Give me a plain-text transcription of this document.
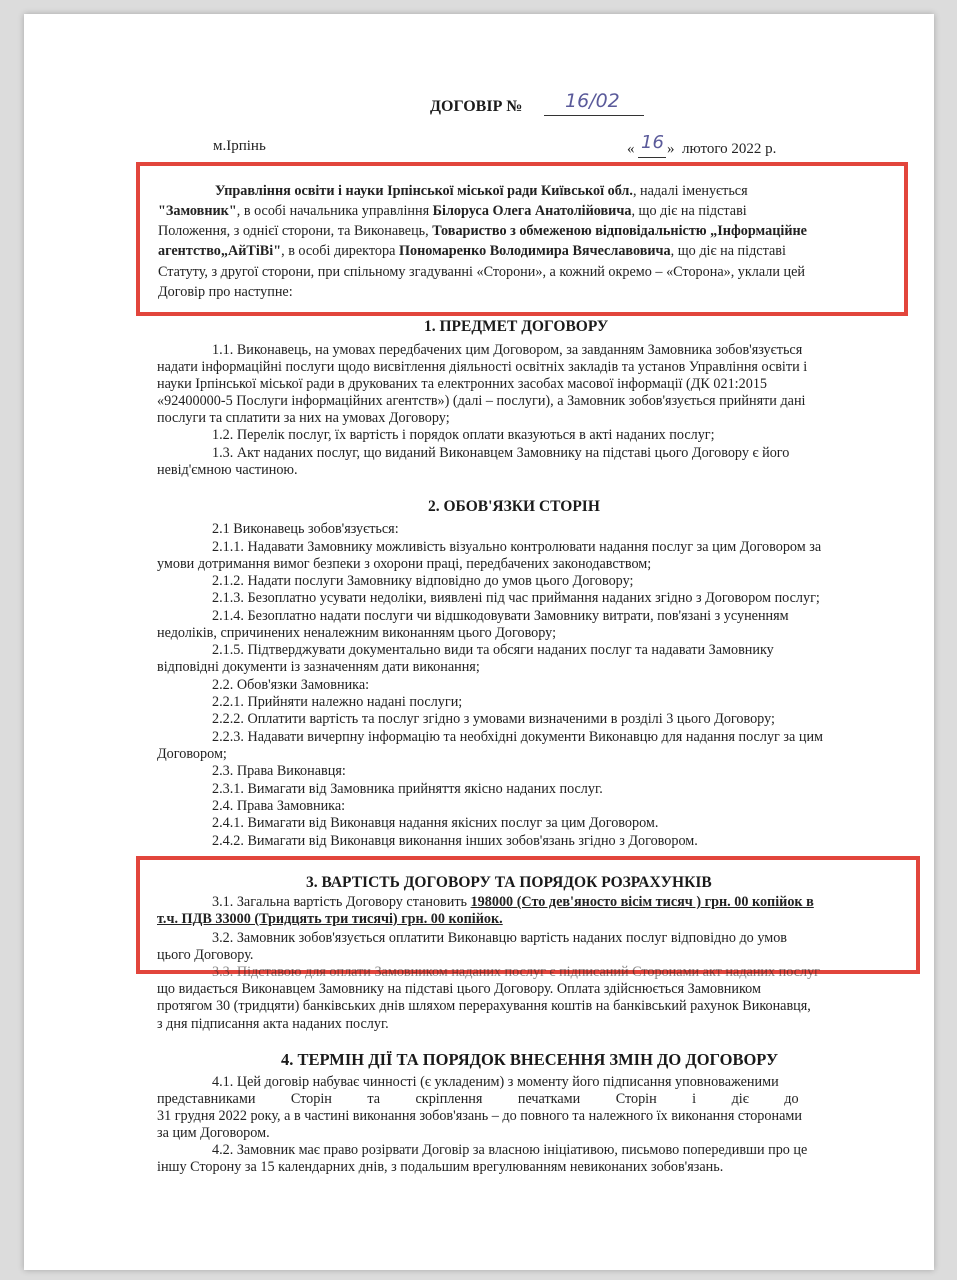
ДОГОВІР № 16/02
м.Ірпінь	« 16 » лютого 2022 р.
Управління освіти і науки Ірпінської міської ради Київської обл., надалі іменується
"Замовник", в особі начальника управління Білоруса Олега Анатолійовича, що діє на підставі
Положення, з однієї сторони, та Виконавець, Товариство з обмеженою відповідальністю „Інформаційне
агентство„АйТіВі", в особі директора Пономаренко Володимира Вячеславовича, що діє на підставі
Статуту, з другої сторони, при спільному згадуванні «Сторони», а кожний окремо – «Сторона», уклали цей
Договір про наступне:
1. ПРЕДМЕТ ДОГОВОРУ
1.1. Виконавець, на умовах передбачених цим Договором, за завданням Замовника зобов'язується
надати інформаційні послуги щодо висвітлення діяльності освітніх закладів та установ Управління освіти і
науки Ірпінської міської ради в друкованих та електронних засобах масової інформації (ДК 021:2015
«92400000-5 Послуги інформаційних агентств») (далі – послуги), а Замовник зобов'язується прийняти дані
послуги та сплатити за них на умовах Договору;
1.2. Перелік послуг, їх вартість і порядок оплати вказуються в акті наданих послуг;
1.3. Акт наданих послуг, що виданий Виконавцем Замовнику на підставі цього Договору є його
невід'ємною частиною.
2. ОБОВ'ЯЗКИ СТОРІН
2.1 Виконавець зобов'язується:
2.1.1. Надавати Замовнику можливість візуально контролювати надання послуг за цим Договором за
умови дотримання вимог безпеки з охорони праці, передбачених законодавством;
2.1.2. Надати послуги Замовнику відповідно до умов цього Договору;
2.1.3. Безоплатно усувати недоліки, виявлені під час приймання наданих згідно з Договором послуг;
2.1.4. Безоплатно надати послуги чи відшкодовувати Замовнику витрати, пов'язані з усуненням
недоліків, спричинених неналежним виконанням цього Договору;
2.1.5. Підтверджувати документально види та обсяги наданих послуг та надавати Замовнику
відповідні документи із зазначенням дати виконання;
2.2. Обов'язки Замовника:
2.2.1. Прийняти належно надані послуги;
2.2.2. Оплатити вартість та послуг згідно з умовами визначеними в розділі 3 цього Договору;
2.2.3. Надавати вичерпну інформацію та необхідні документи Виконавцю для надання послуг за цим
Договором;
2.3. Права Виконавця:
2.3.1. Вимагати від Замовника прийняття якісно наданих послуг.
2.4. Права Замовника:
2.4.1. Вимагати від Виконавця надання якісних послуг за цим Договором.
2.4.2. Вимагати від Виконавця виконання інших зобов'язань згідно з Договором.
3. ВАРТІСТЬ ДОГОВОРУ ТА ПОРЯДОК РОЗРАХУНКІВ
3.1. Загальна вартість Договору становить 198000 (Сто дев'яносто вісім тисяч ) грн. 00 копійок в
т.ч. ПДВ 33000 (Тридцять три тисячі) грн. 00 копійок.
3.2. Замовник зобов'язується оплатити Виконавцю вартість наданих послуг відповідно до умов
цього Договору.
3.3. Підставою для оплати Замовником наданих послуг є підписаний Сторонами акт наданих послуг
що видається Виконавцем Замовнику на підставі цього Договору. Оплата здійснюється Замовником
протягом 30 (тридцяти) банківських днів шляхом перерахування коштів на банківський рахунок Виконавця,
з дня підписання акта наданих послуг.
4. ТЕРМІН ДІЇ ТА ПОРЯДОК ВНЕСЕННЯ ЗМІН ДО ДОГОВОРУ
4.1. Цей договір набуває чинності (є укладеним) з моменту його підписання уповноваженими
представниками          Сторін          та          скріплення          печатками          Сторін          і          діє          до
31 грудня 2022 року, а в частині виконання зобов'язань – до повного та належного їх виконання сторонами
за цим Договором.
4.2. Замовник має право розірвати Договір за власною ініціативою, письмово попередивши про це
іншу Сторону за 15 календарних днів, з подальшим врегулюванням невиконаних зобов'язань.
